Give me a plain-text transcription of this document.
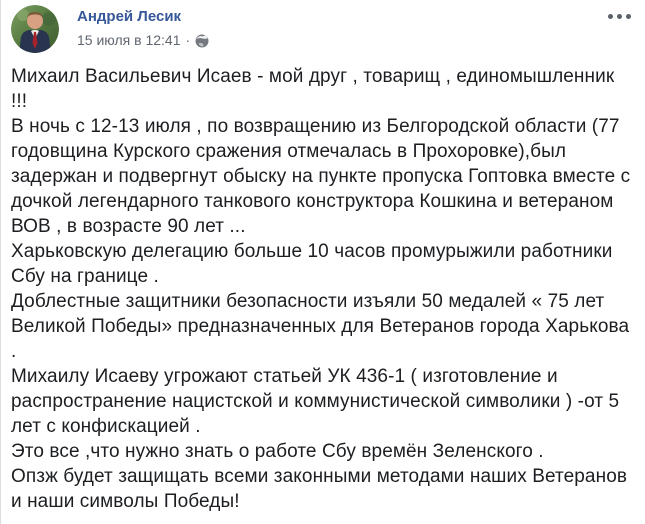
Андрей Лесик
15 июля в 12:41 ·

Михаил Васильевич Исаев - мой друг , товарищ , единомышленник !!!

В ночь с 12-13 июля , по возвращению из Белгородской области (77 годовщина Курского сражения отмечалась в Прохоровке),был задержан и подвергнут обыску на пункте пропуска Гоптовка вместе с дочкой легендарного танкового конструктора Кошкина и ветераном ВОВ , в возрасте 90 лет ...

Харьковскую делегацию больше 10 часов промурыжили работники Сбу на границе .

Доблестные защитники безопасности изъяли 50 медалей « 75 лет Великой Победы» предназначенных для Ветеранов города Харькова .

Михаилу Исаеву угрожают статьей УК 436-1 ( изготовление и распространение нацистской и коммунистической символики ) -от 5 лет с конфискацией .

Это все ,что нужно знать о работе Сбу времён Зеленского .

Опзж будет защищать всеми законными методами наших Ветеранов и наши символы Победы!
